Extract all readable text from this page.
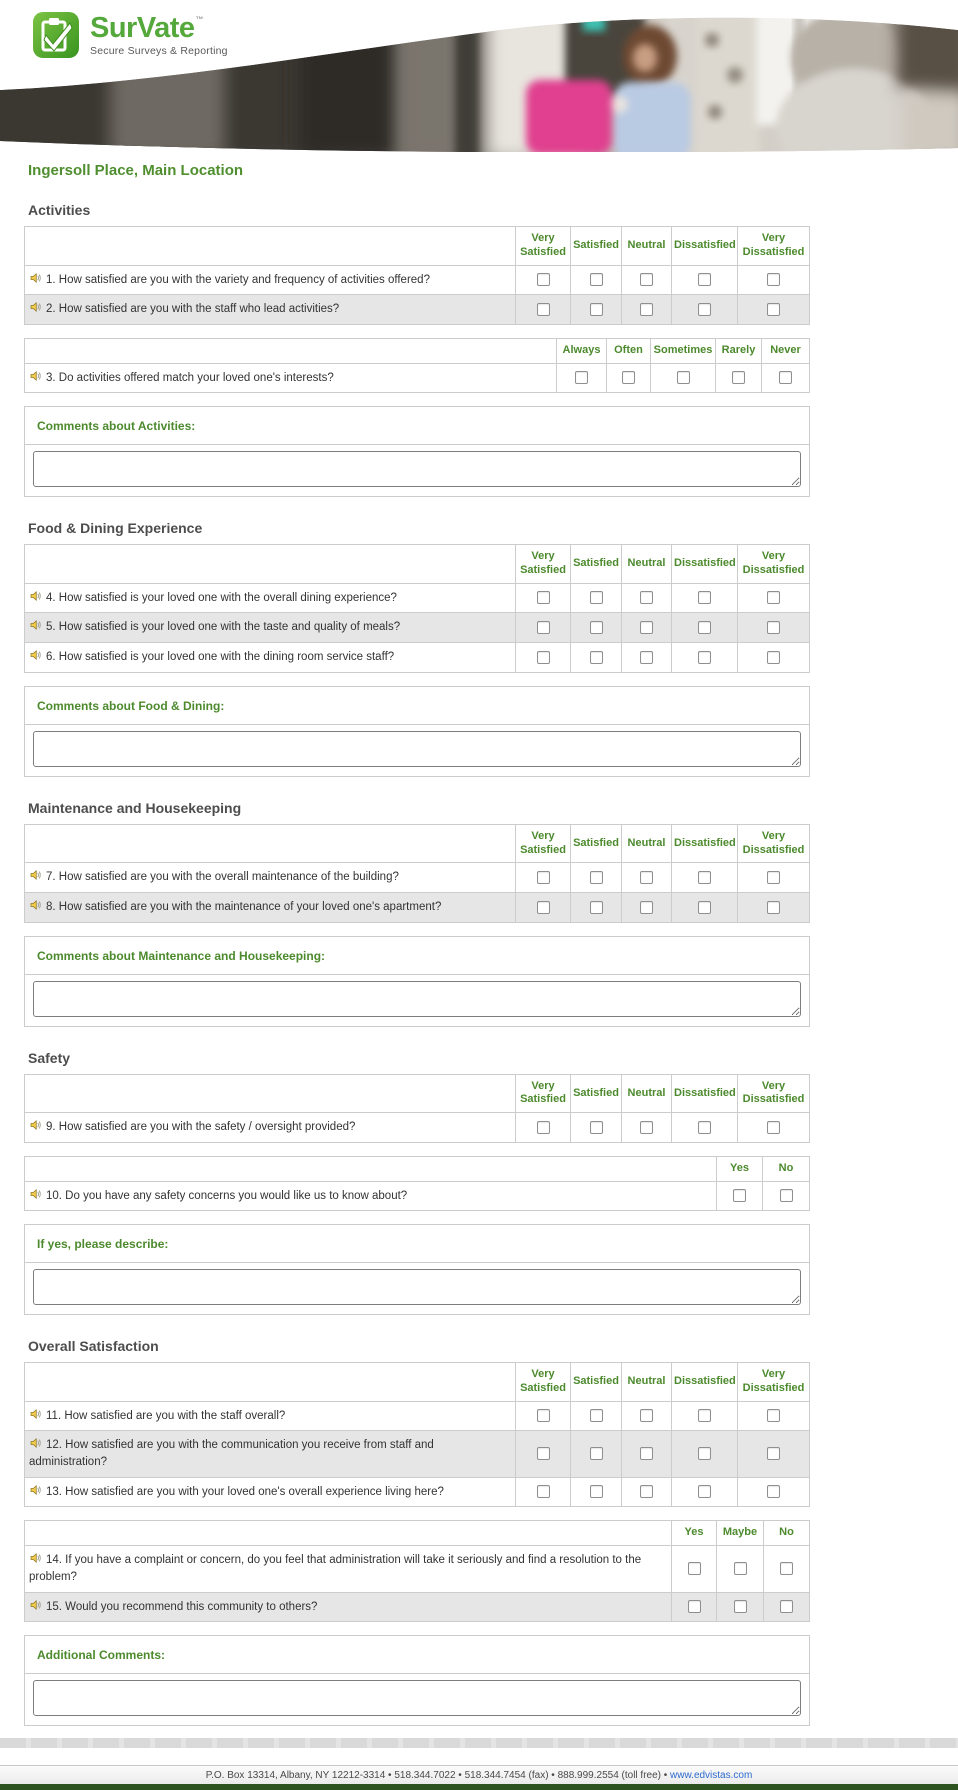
SurVate ™
Secure Surveys & Reporting
Ingersoll Place, Main Location
Activities
	Very Satisfied	Satisfied	Neutral	Dissatisfied	Very Dissatisfied
1. How satisfied are you with the variety and frequency of activities offered?					
2. How satisfied are you with the staff who lead activities?					
	Always	Often	Sometimes	Rarely	Never
3. Do activities offered match your loved one's interests?					
Comments about Activities:
Food & Dining Experience
	Very Satisfied	Satisfied	Neutral	Dissatisfied	Very Dissatisfied
4. How satisfied is your loved one with the overall dining experience?					
5. How satisfied is your loved one with the taste and quality of meals?					
6. How satisfied is your loved one with the dining room service staff?					
Comments about Food & Dining:
Maintenance and Housekeeping
	Very Satisfied	Satisfied	Neutral	Dissatisfied	Very Dissatisfied
7. How satisfied are you with the overall maintenance of the building?					
8. How satisfied are you with the maintenance of your loved one's apartment?					
Comments about Maintenance and Housekeeping:
Safety
	Very Satisfied	Satisfied	Neutral	Dissatisfied	Very Dissatisfied
9. How satisfied are you with the safety / oversight provided?					
	Yes	No
10. Do you have any safety concerns you would like us to know about?		
If yes, please describe:
Overall Satisfaction
	Very Satisfied	Satisfied	Neutral	Dissatisfied	Very Dissatisfied
11. How satisfied are you with the staff overall?					
12. How satisfied are you with the communication you receive from staff and administration?					
13. How satisfied are you with your loved one's overall experience living here?					
	Yes	Maybe	No
14. If you have a complaint or concern, do you feel that administration will take it seriously and find a resolution to the problem?			
15. Would you recommend this community to others?			
Additional Comments:
P.O. Box 13314, Albany, NY 12212-3314 • 518.344.7022 • 518.344.7454 (fax) • 888.999.2554 (toll free) • www.edvistas.com
